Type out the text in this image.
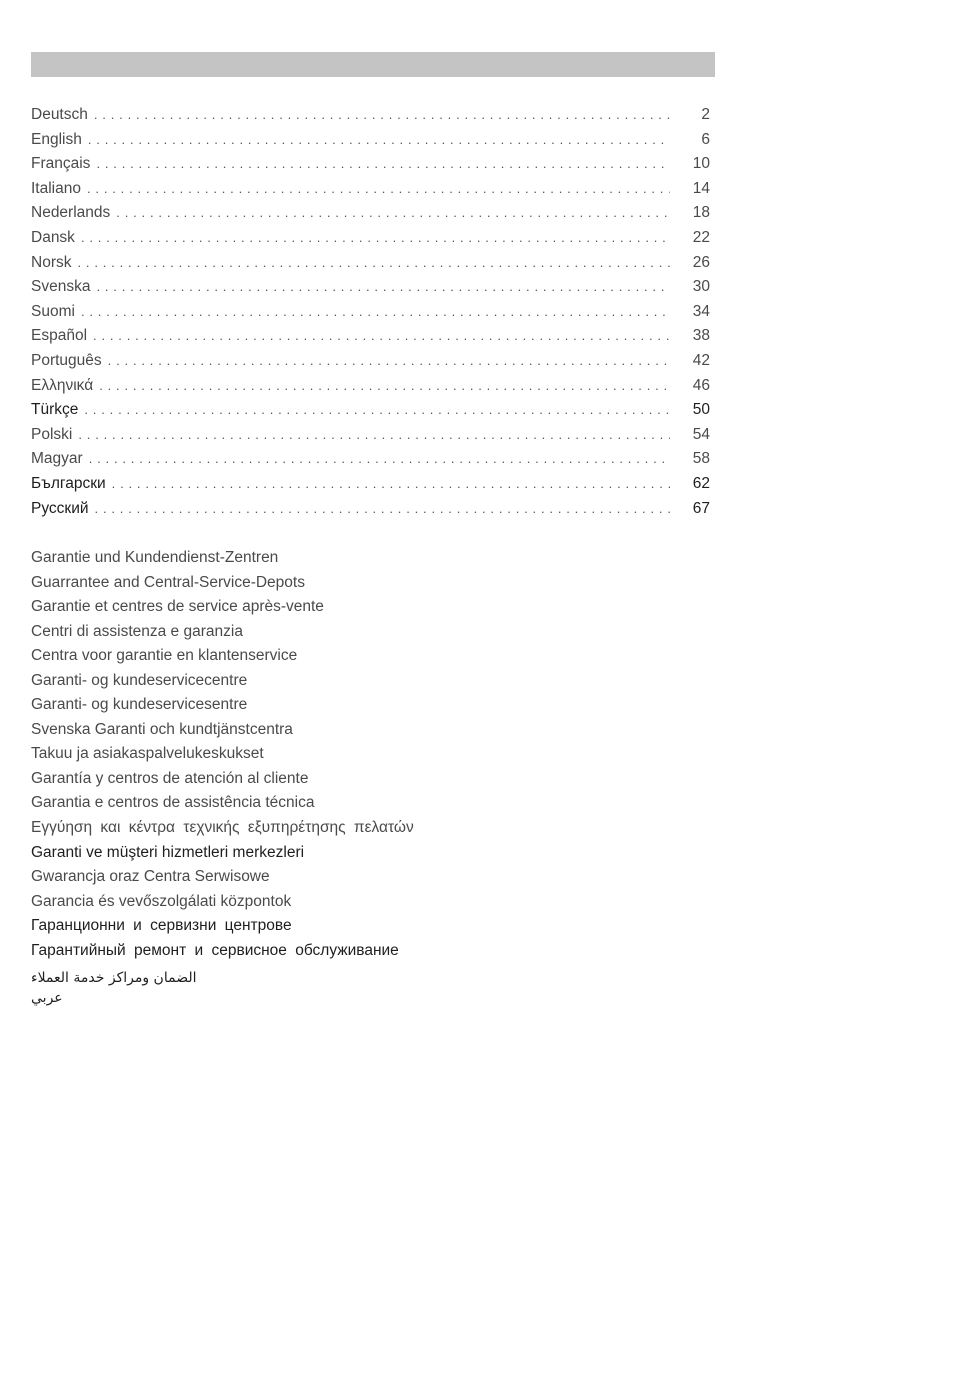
Deutsch . . .	2
English . . .	6
Français . . .	10
Italiano . . .	14
Nederlands . . .	18
Dansk . . .	22
Norsk . . .	26
Svenska . . .	30
Suomi . . .	34
Español . . .	38
Português . . .	42
Ελληνικά . . .	46
Türkçe . . .	50
Polski . . .	54
Magyar . . .	58
Български . . .	62
Русский . . .	67
Garantie und Kundendienst-Zentren
Guarrantee and Central-Service-Depots
Garantie et centres de service après-vente
Centri di assistenza e garanzia
Centra voor garantie en klantenservice
Garanti- og kundeservicecentre
Garanti- og kundeservicesentre
Svenska Garanti och kundtjänstcentra
Takuu ja asiakaspalvelukeskukset
Garantía y centros de atención al cliente
Garantia e centros de assistência técnica
Εγγύηση και κέντρα τεχνικής εξυπηρέτησης πελατών
Garanti ve müşteri hizmetleri merkezleri
Gwarancja oraz Centra Serwisowe
Garancia és vevőszolgálati központok
Гаранционни и сервизни центрове
Гарантийный ремонт и сервисное обслуживание
الضمان ومراكز خدمة العملاء
عربي
